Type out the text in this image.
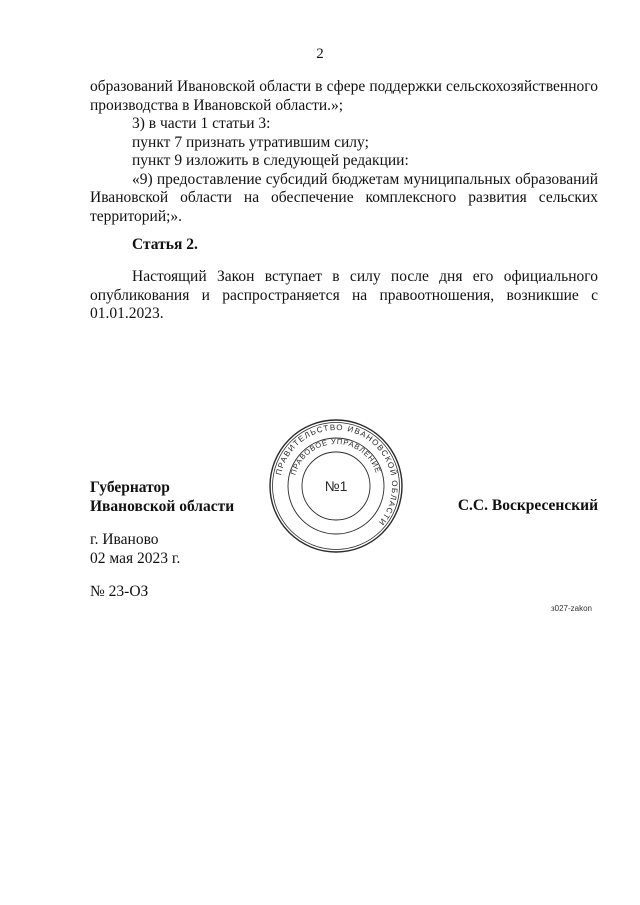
2

образований Ивановской области в сфере поддержки сельскохозяйственного производства в Ивановской области.»;

3) в части 1 статьи 3:

пункт 7 признать утратившим силу;

пункт 9 изложить в следующей редакции:

«9) предоставление субсидий бюджетам муниципальных образований Ивановской области на обеспечение комплексного развития сельских территорий;».

Статья 2.
Настоящий Закон вступает в силу после дня его официального
опубликования и распространяется на правоотношения, возникшие с
01.01.2023.
Губернатор
Ивановской области
ПРАВИТЕЛЬСТВО ИВАНОВСКОЙ ОБЛАСТИ
ПРАВОВОЕ УПРАВЛЕНИЕ
№1
С.С. Воскресенский
г. Иваново
02 мая 2023 г.
№ 23-ОЗ
з027-zakon
